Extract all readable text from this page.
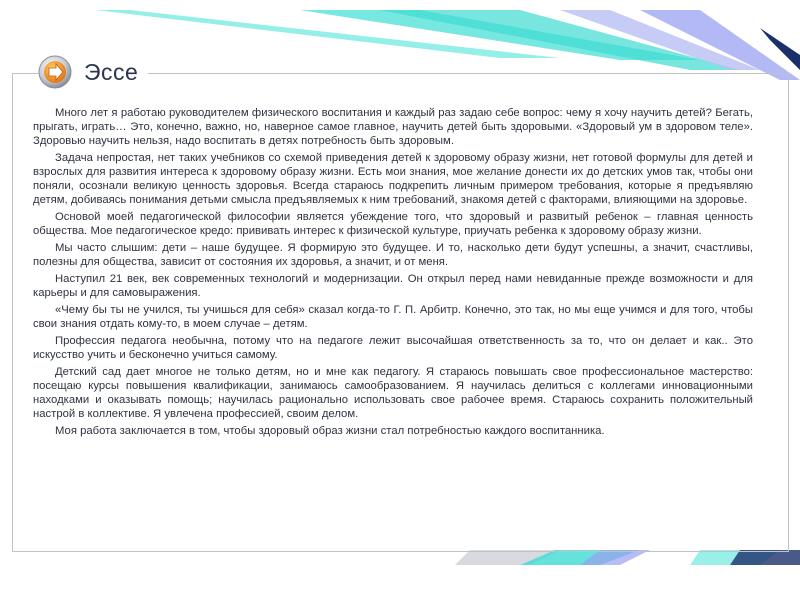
Эссе

Много лет я работаю руководителем физического воспитания и каждый раз задаю себе вопрос: чему я хочу научить детей? Бегать, прыгать, играть… Это, конечно, важно, но, наверное самое главное, научить детей быть здоровыми. «Здоровый ум в здоровом теле». Здоровью научить нельзя, надо воспитать в детях потребность быть здоровым.

Задача непростая, нет таких учебников со схемой приведения детей к здоровому образу жизни, нет готовой формулы для детей и взрослых для развития интереса к здоровому образу жизни. Есть мои знания, мое желание донести их до детских умов так, чтобы они поняли, осознали великую ценность здоровья. Всегда стараюсь подкрепить личным примером требования, которые я предъявляю детям, добиваясь понимания детьми смысла предъявляемых к ним требований, знакомя детей с факторами, влияющими на здоровье.

Основой моей педагогической философии является убеждение того, что здоровый и развитый ребенок – главная ценность общества. Мое педагогическое кредо: прививать интерес к физической культуре, приучать ребенка к здоровому образу жизни.

Мы часто слышим: дети – наше будущее. Я формирую это будущее. И то, насколько дети будут успешны, а значит, счастливы, полезны для общества, зависит от состояния их здоровья, а значит, и от меня.

Наступил 21 век, век современных технологий и модернизации. Он открыл перед нами невиданные прежде возможности и для карьеры и для самовыражения.

«Чему бы ты не учился, ты учишься для себя» сказал когда-то Г. П. Арбитр. Конечно, это так, но мы еще учимся и для того, чтобы свои знания отдать кому-то, в моем случае – детям.

Профессия педагога необычна, потому что на педагоге лежит высочайшая ответственность за то, что он делает и как.. Это искусство учить и бесконечно учиться самому.

Детский сад дает многое не только детям, но и мне как педагогу. Я стараюсь повышать свое профессиональное мастерство: посещаю курсы повышения квалификации, занимаюсь самообразованием. Я научилась делиться с коллегами инновационными находками и оказывать помощь; научилась рационально использовать свое рабочее время. Стараюсь сохранить положительный настрой в коллективе. Я увлечена профессией, своим делом.

Моя работа заключается в том, чтобы здоровый образ жизни стал потребностью каждого воспитанника.
